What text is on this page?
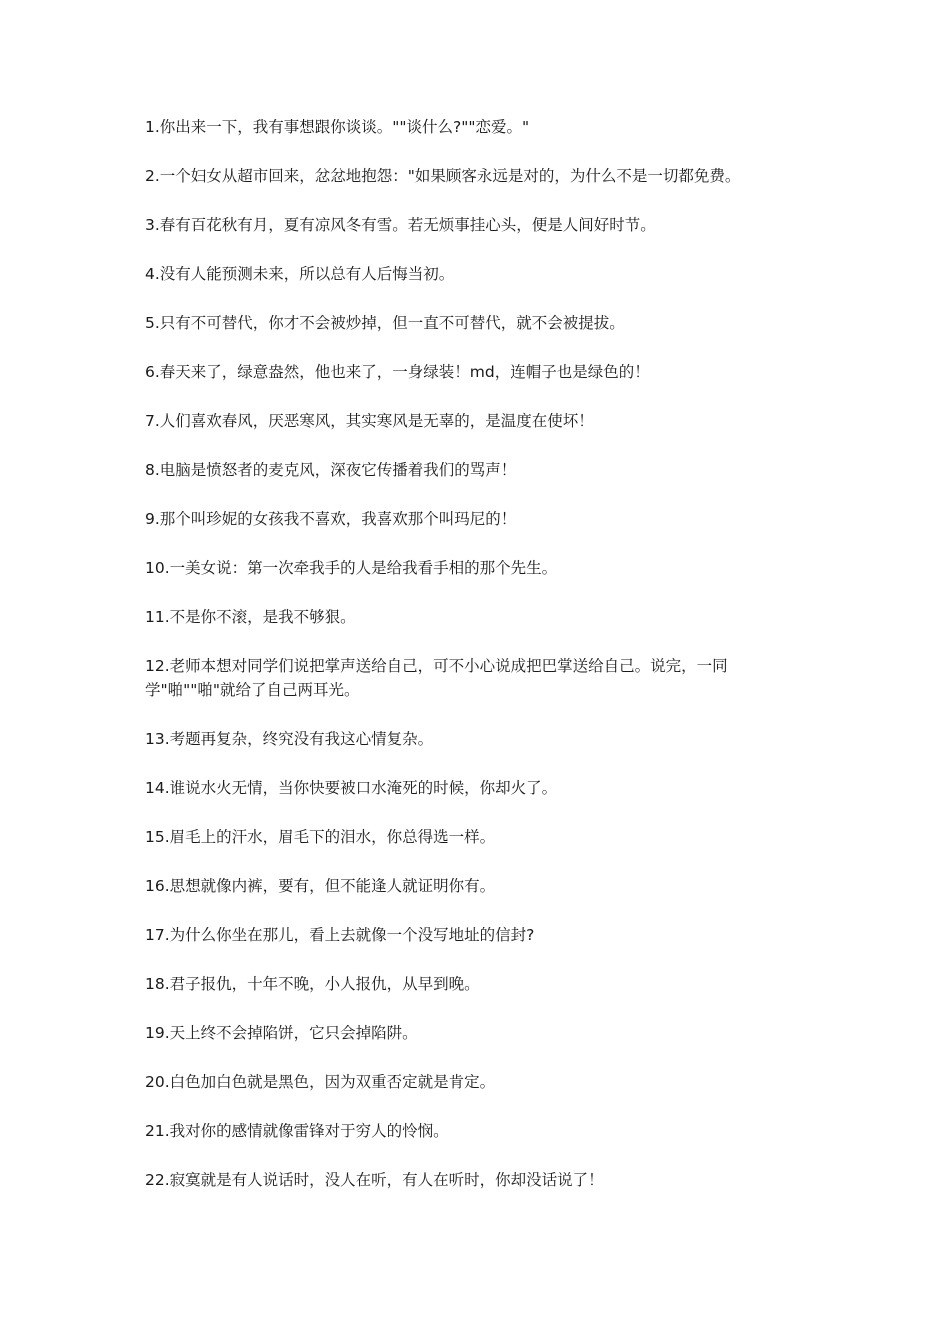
1.你出来一下，我有事想跟你谈谈。""谈什么?""恋爱。"

2.一个妇女从超市回来，忿忿地抱怨："如果顾客永远是对的，为什么不是一切都免费。

3.春有百花秋有月，夏有凉风冬有雪。若无烦事挂心头，便是人间好时节。

4.没有人能预测未来，所以总有人后悔当初。

5.只有不可替代，你才不会被炒掉，但一直不可替代，就不会被提拔。

6.春天来了，绿意盎然，他也来了，一身绿装！md，连帽子也是绿色的！

7.人们喜欢春风，厌恶寒风，其实寒风是无辜的，是温度在使坏！

8.电脑是愤怒者的麦克风，深夜它传播着我们的骂声！

9.那个叫珍妮的女孩我不喜欢，我喜欢那个叫玛尼的！

10.一美女说：第一次牵我手的人是给我看手相的那个先生。

11.不是你不滚，是我不够狠。

12.老师本想对同学们说把掌声送给自己，可不小心说成把巴掌送给自己。说完，一同学"啪""啪"就给了自己两耳光。

13.考题再复杂，终究没有我这心情复杂。

14.谁说水火无情，当你快要被口水淹死的时候，你却火了。

15.眉毛上的汗水，眉毛下的泪水，你总得选一样。

16.思想就像内裤，要有，但不能逢人就证明你有。

17.为什么你坐在那儿，看上去就像一个没写地址的信封?

18.君子报仇，十年不晚，小人报仇，从早到晚。

19.天上终不会掉陷饼，它只会掉陷阱。

20.白色加白色就是黑色，因为双重否定就是肯定。

21.我对你的感情就像雷锋对于穷人的怜悯。

22.寂寞就是有人说话时，没人在听，有人在听时，你却没话说了！
